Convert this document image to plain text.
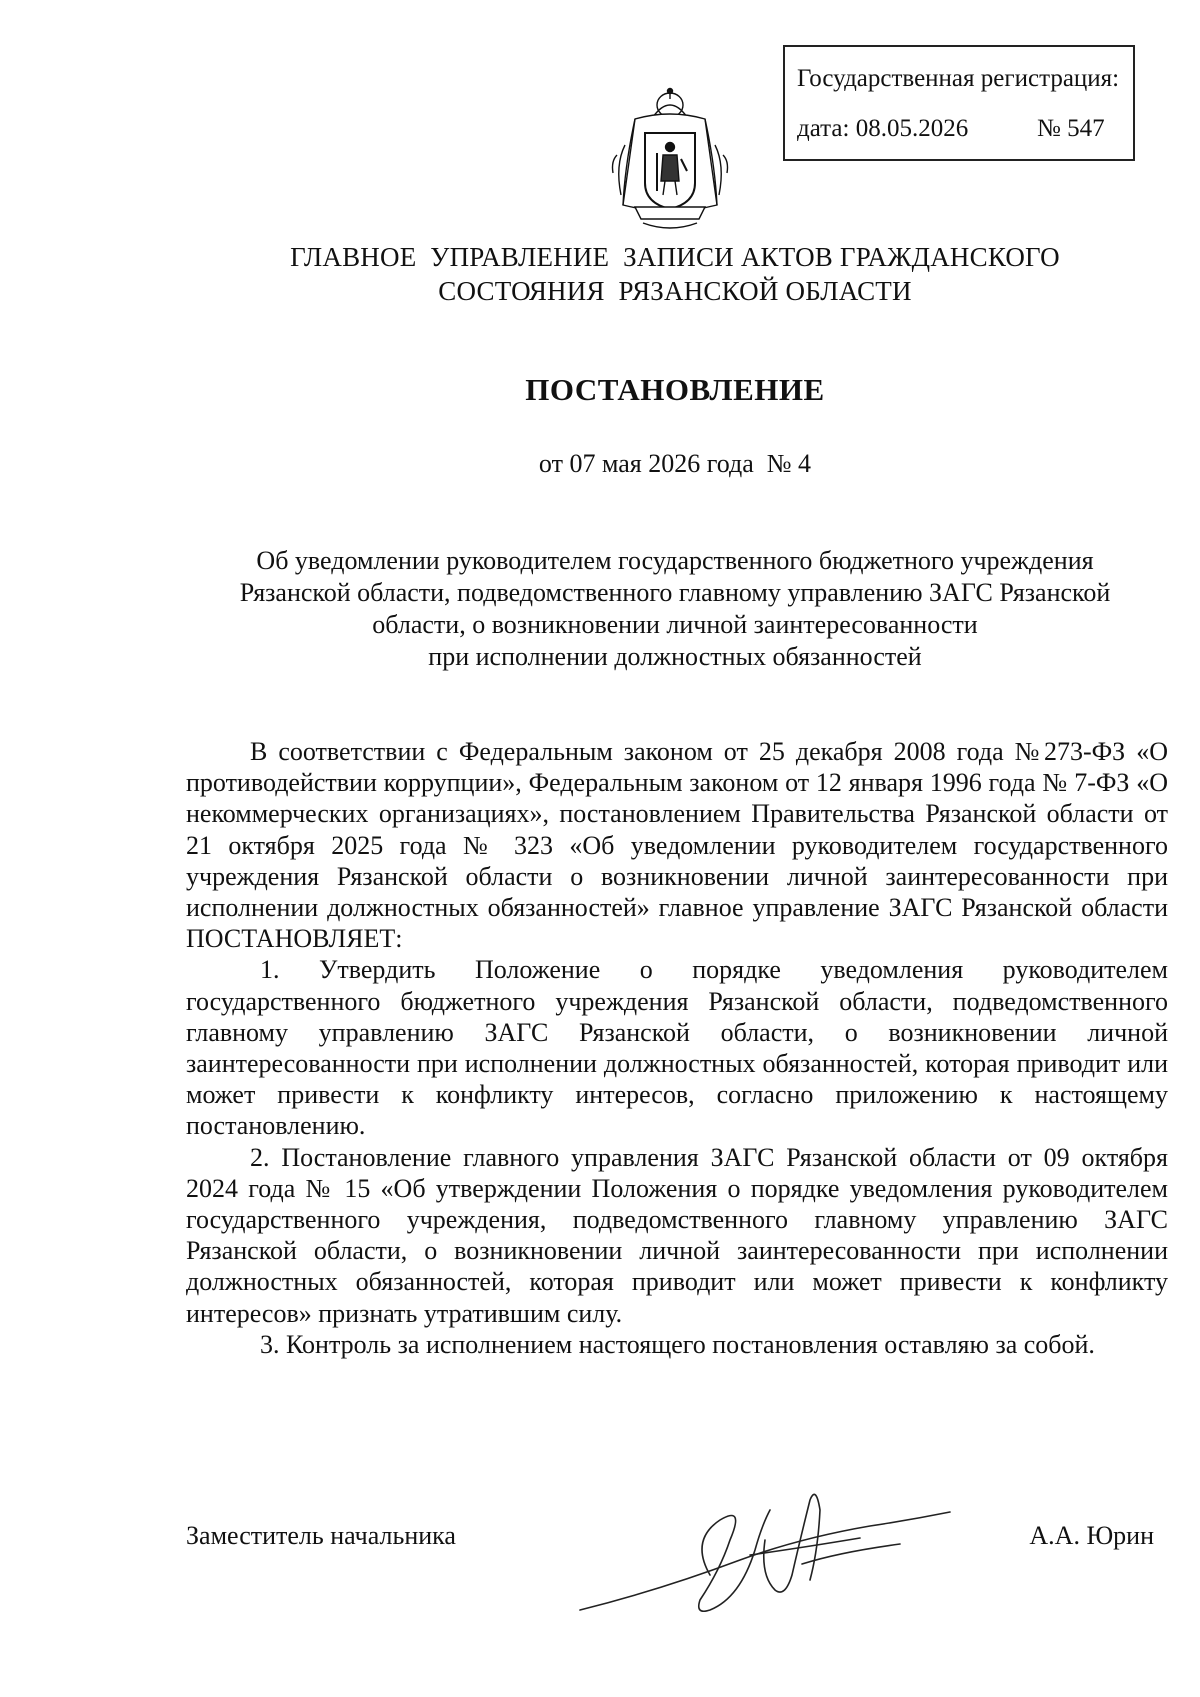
Государственная регистрация:
дата: 08.05.2026	№ 547
ГЛАВНОЕ  УПРАВЛЕНИЕ  ЗАПИСИ АКТОВ ГРАЖДАНСКОГО
СОСТОЯНИЯ  РЯЗАНСКОЙ ОБЛАСТИ
ПОСТАНОВЛЕНИЕ
от 07 мая 2026 года  № 4
Об уведомлении руководителем государственного бюджетного учреждения
Рязанской области, подведомственного главному управлению ЗАГС Рязанской
области, о возникновении личной заинтересованности
при исполнении должностных обязанностей

В соответствии с Федеральным законом от 25 декабря 2008 года №273-ФЗ «О противодействии коррупции», Федеральным законом от 12 января 1996 года № 7-ФЗ «О некоммерческих организациях», постановлением Правительства Рязанской области от 21 октября 2025 года № 323 «Об уведомлении руководителем государственного учреждения Рязанской области о возникновении личной заинтересованности при исполнении должностных обязанностей» главное управление ЗАГС Рязанской области ПОСТАНОВЛЯЕТ:

1. Утвердить Положение о порядке уведомления руководителем государственного бюджетного учреждения Рязанской области, подведомственного главному управлению ЗАГС Рязанской области, о возникновении личной заинтересованности при исполнении должностных обязанностей, которая приводит или может привести к конфликту интересов, согласно приложению к настоящему постановлению.

2. Постановление главного управления ЗАГС Рязанской области от 09 октября 2024 года № 15 «Об утверждении Положения о порядке уведомления руководителем государственного учреждения, подведомственного главному управлению ЗАГС Рязанской области, о возникновении личной заинтересованности при исполнении должностных обязанностей, которая приводит или может привести к конфликту интересов» признать утратившим силу.

3. Контроль за исполнением настоящего постановления оставляю за собой.

Заместитель начальника	А.А. Юрин
